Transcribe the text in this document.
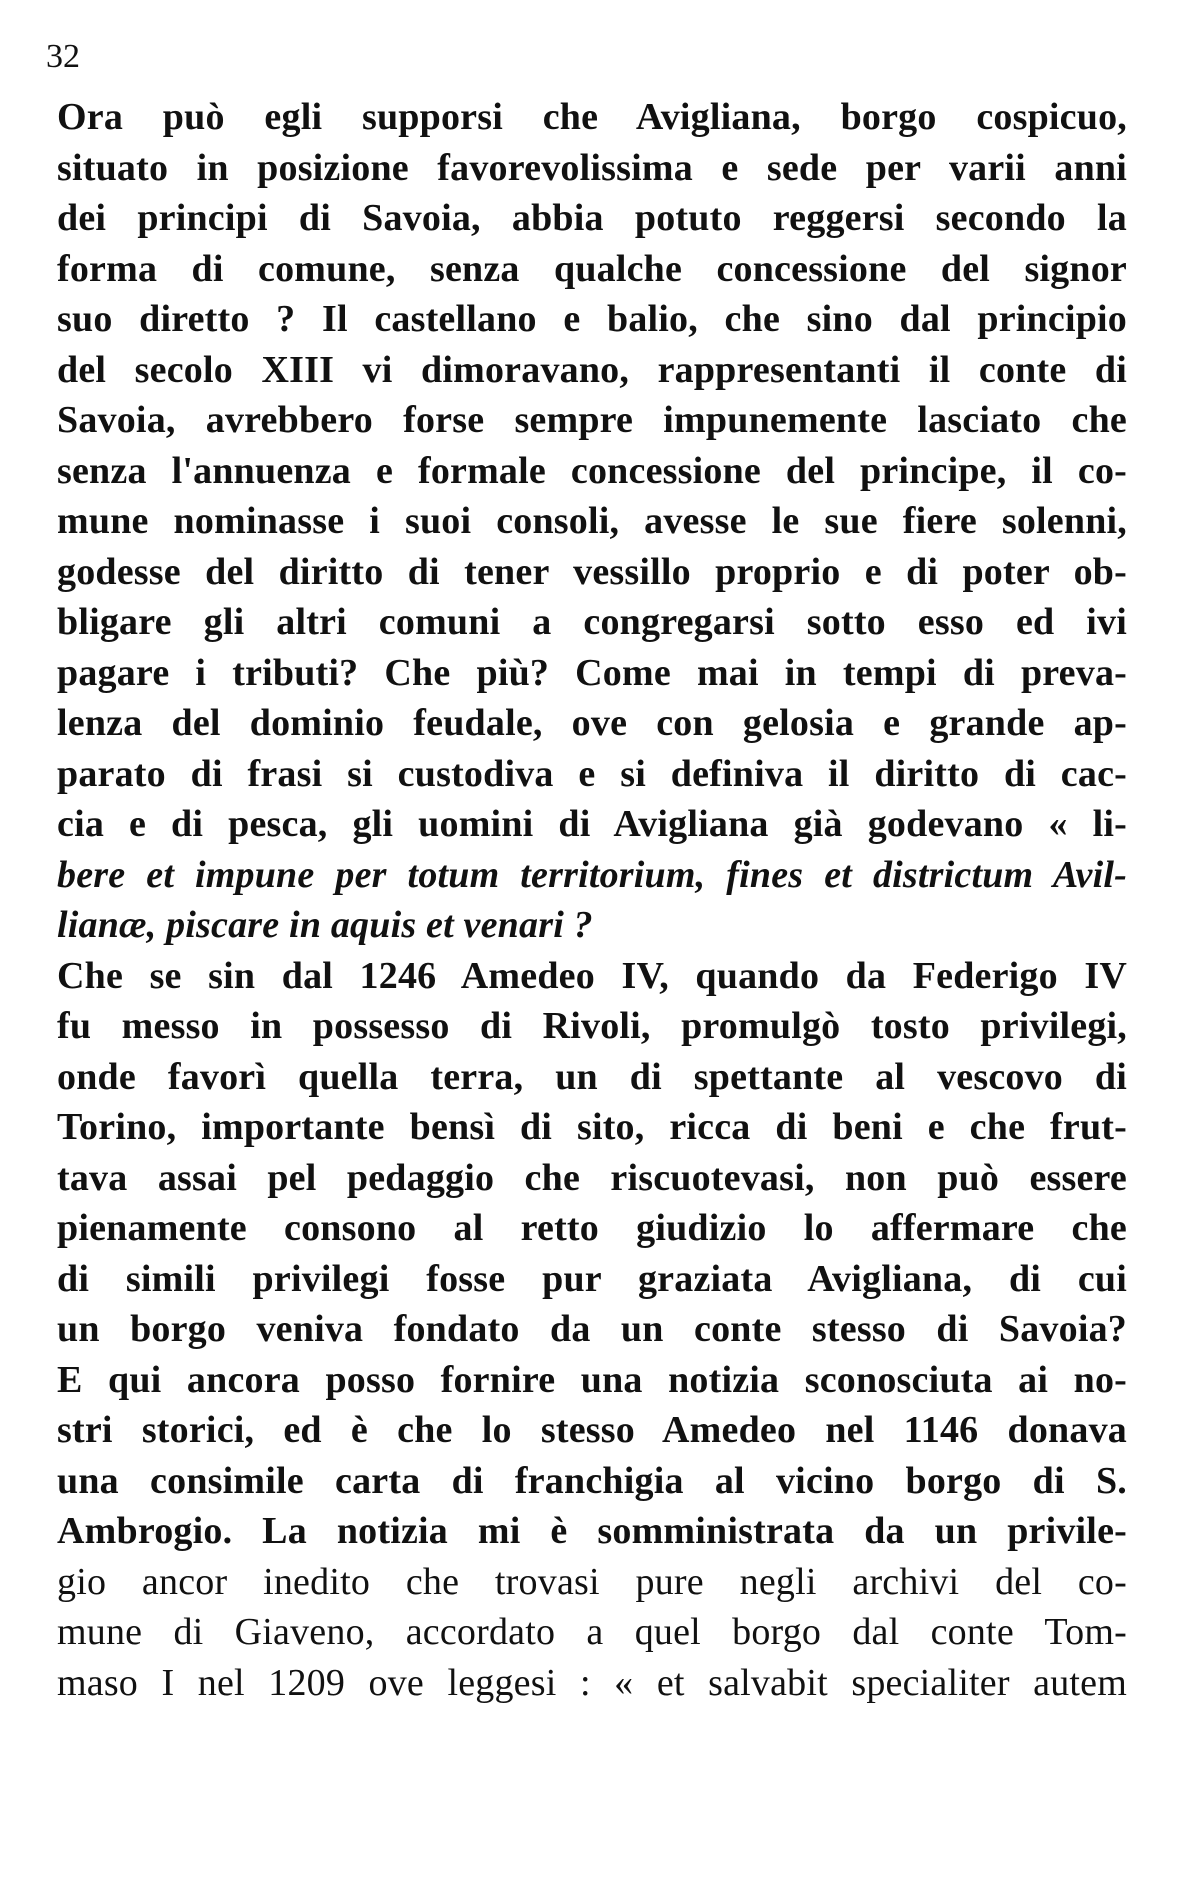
32
Ora può egli supporsi che Avigliana, borgo cospicuo,
situato in posizione favorevolissima e sede per varii anni
dei principi di Savoia, abbia potuto reggersi secondo la
forma di comune, senza qualche concessione del signor
suo diretto ? Il castellano e balio, che sino dal principio
del secolo XIII vi dimoravano, rappresentanti il conte di
Savoia, avrebbero forse sempre impunemente lasciato che
senza l'annuenza e formale concessione del principe, il co-
mune nominasse i suoi consoli, avesse le sue fiere solenni,
godesse del diritto di tener vessillo proprio e di poter ob-
bligare gli altri comuni a congregarsi sotto esso ed ivi
pagare i tributi? Che più? Come mai in tempi di preva-
lenza del dominio feudale, ove con gelosia e grande ap-
parato di frasi si custodiva e si definiva il diritto di cac-
cia e di pesca, gli uomini di Avigliana già godevano « li-
bere et impune per totum territorium, fines et districtum Avil-
lianæ, piscare in aquis et venari ?
Che se sin dal 1246 Amedeo IV, quando da Federigo IV
fu messo in possesso di Rivoli, promulgò tosto privilegi,
onde favorì quella terra, un di spettante al vescovo di
Torino, importante bensì di sito, ricca di beni e che frut-
tava assai pel pedaggio che riscuotevasi, non può essere
pienamente consono al retto giudizio lo affermare che
di simili privilegi fosse pur graziata Avigliana, di cui
un borgo veniva fondato da un conte stesso di Savoia?
E qui ancora posso fornire una notizia sconosciuta ai no-
stri storici, ed è che lo stesso Amedeo nel 1146 donava
una consimile carta di franchigia al vicino borgo di S.
Ambrogio. La notizia mi è somministrata da un privile-
gio ancor inedito che trovasi pure negli archivi del co-
mune di Giaveno, accordato a quel borgo dal conte Tom-
maso I nel 1209 ove leggesi : « et salvabit specialiter autem
